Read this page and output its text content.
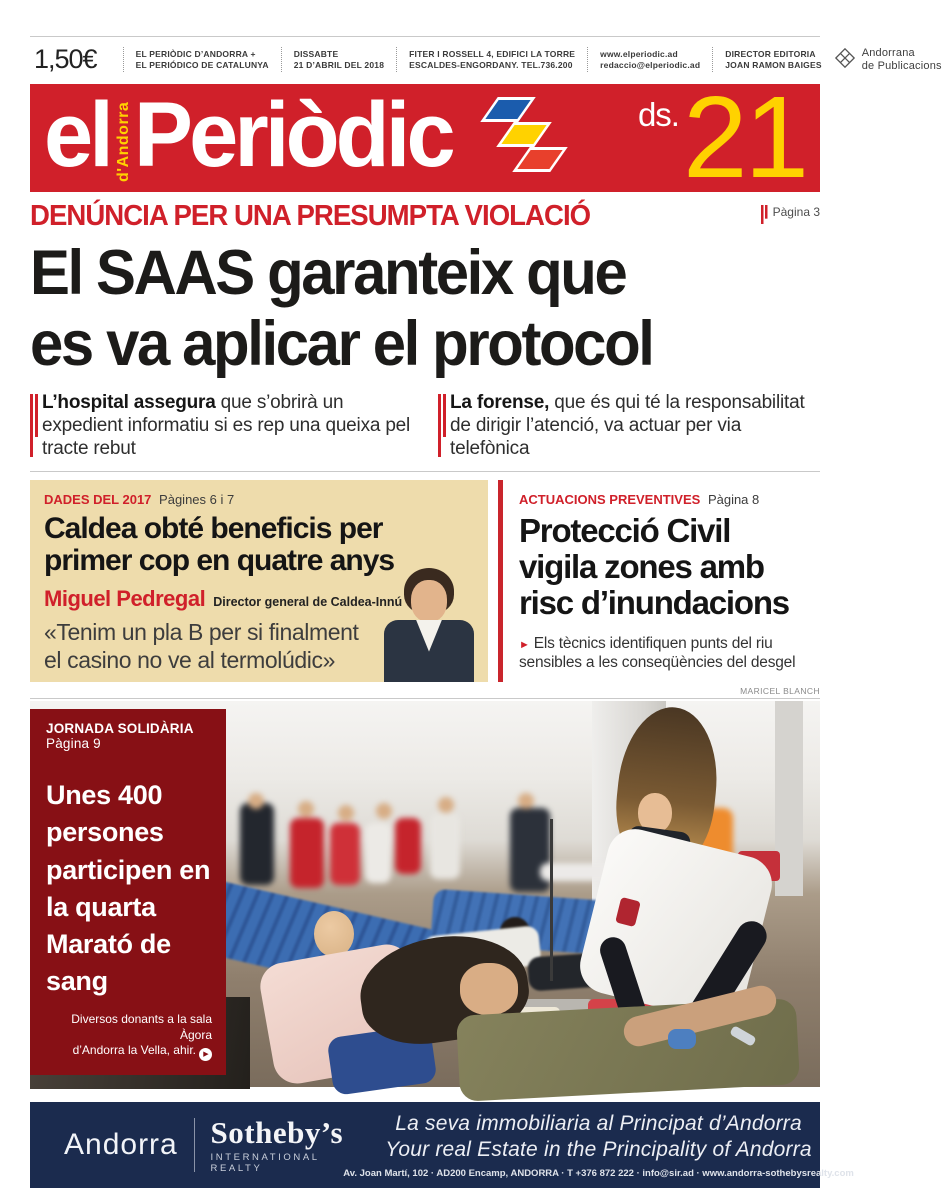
1,50€	EL PERIÒDIC D’ANDORRA +
EL PERIÓDICO DE CATALUNYA
DISSABTE
21 D’ABRIL DEL 2018
FITER I ROSSELL 4, EDIFICI LA TORRE
ESCALDES-ENGORDANY. TEL.736.200
www.elperiodic.ad
redaccio@elperiodic.ad
DIRECTOR EDITORIA
JOAN RAMON BAIGES
Andorrana
de Publicacions
el d'Andorra Periòdic	ds. 21
DENÚNCIA PER UNA PRESUMPTA VIOLACIÓ	Pàgina 3
El SAAS garanteix que
es va aplicar el protocol

L’hospital assegura que s’obrirà un expedient informatiu si es rep una queixa pel tracte rebut

La forense, que és qui té la responsabilitat de dirigir l’atenció, va actuar per via telefònica

DADES DEL 2017 Pàgines 6 i 7
Caldea obté beneficis per
primer cop en quatre anys
Miguel Pedregal Director general de Caldea-Innú
«Tenim un pla B per si finalment
el casino no ve al termolúdic»
ACTUACIONS PREVENTIVES Pàgina 8
Protecció Civil
vigila zones amb
risc d’inundacions

► Els tècnics identifiquen punts del riu sensibles a les conseqüències del desgel

MARICEL BLANCH
JORNADA SOLIDÀRIA Pàgina 9
Unes 400 persones participen en la quarta Marató de sang
Diversos donants a la sala Àgora
d’Andorra la Vella, ahir.▶
Andorra Sotheby’s
INTERNATIONAL REALTY
La seva immobiliaria al Principat d’Andorra
Your real Estate in the Principality of Andorra
Av. Joan Martí, 102 · AD200 Encamp, ANDORRA · T +376 872 222 · info@sir.ad · www.andorra-sothebysrealty.com
